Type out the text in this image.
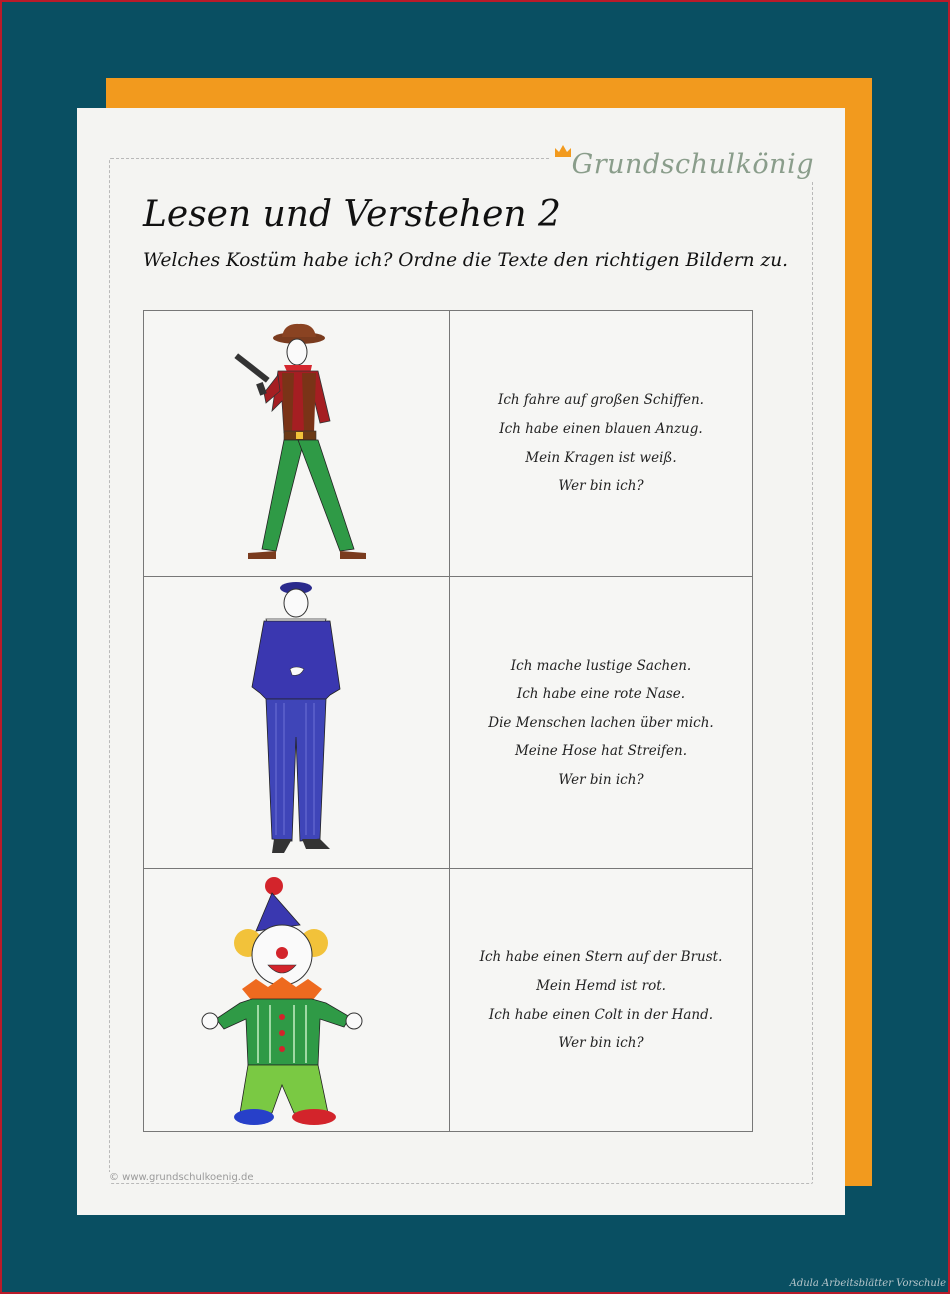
Grundschulkönig
Lesen und Verstehen 2

Welches Kostüm habe ich? Ordne die Texte den richtigen Bildern zu.

Ich fahre auf großen Schiffen.

Ich habe einen blauen Anzug.

Mein Kragen ist weiß.

Wer bin ich?

Ich mache lustige Sachen.

Ich habe eine rote Nase.

Die Menschen lachen über mich.

Meine Hose hat Streifen.

Wer bin ich?

Ich habe einen Stern auf der Brust.

Mein Hemd ist rot.

Ich habe einen Colt in der Hand.

Wer bin ich?

© www.grundschulkoenig.de
Adula Arbeitsblätter Vorschule
